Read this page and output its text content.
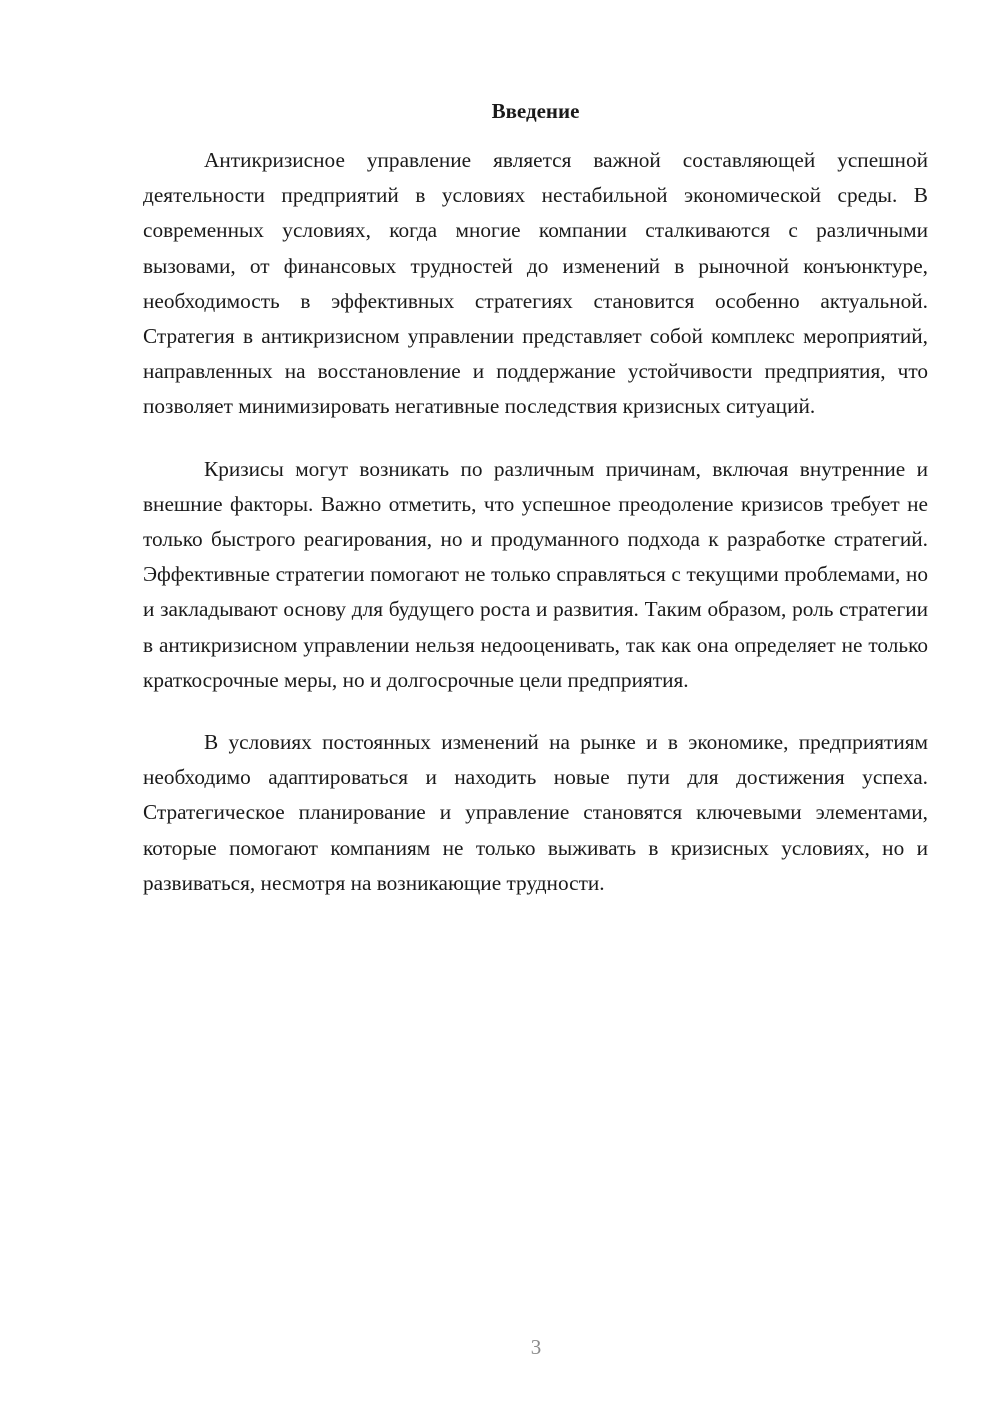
Введение

Антикризисное управление является важной составляющей успешной деятельности предприятий в условиях нестабильной экономической среды. В современных условиях, когда многие компании сталкиваются с различными вызовами, от финансовых трудностей до изменений в рыночной конъюнктуре, необходимость в эффективных стратегиях становится особенно актуальной. Стратегия в антикризисном управлении представляет собой комплекс мероприятий, направленных на восстановление и поддержание устойчивости предприятия, что позволяет минимизировать негативные последствия кризисных ситуаций.

Кризисы могут возникать по различным причинам, включая внутренние и внешние факторы. Важно отметить, что успешное преодоление кризисов требует не только быстрого реагирования, но и продуманного подхода к разработке стратегий. Эффективные стратегии помогают не только справляться с текущими проблемами, но и закладывают основу для будущего роста и развития. Таким образом, роль стратегии в антикризисном управлении нельзя недооценивать, так как она определяет не только краткосрочные меры, но и долгосрочные цели предприятия.

В условиях постоянных изменений на рынке и в экономике, предприятиям необходимо адаптироваться и находить новые пути для достижения успеха. Стратегическое планирование и управление становятся ключевыми элементами, которые помогают компаниям не только выживать в кризисных условиях, но и развиваться, несмотря на возникающие трудности.

3
